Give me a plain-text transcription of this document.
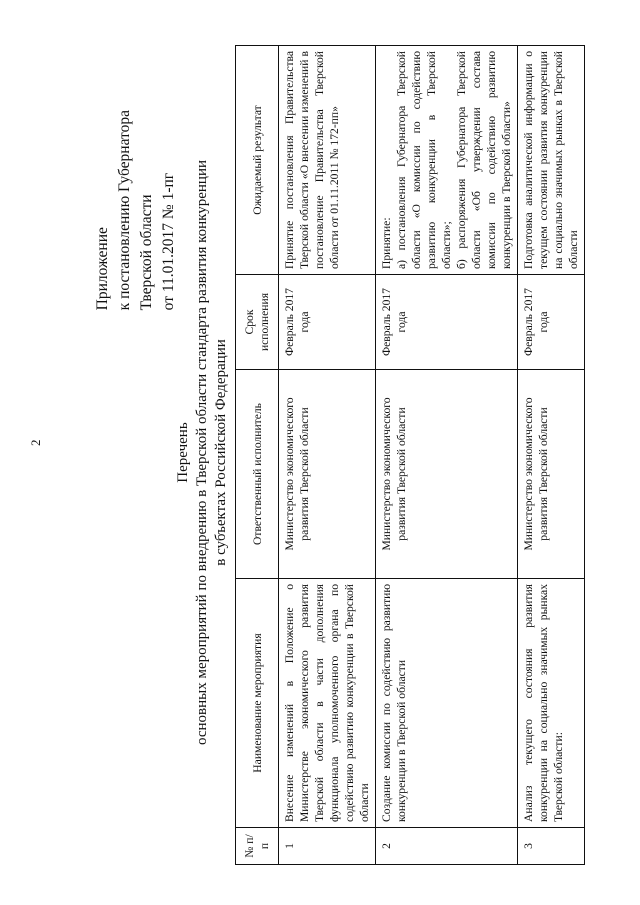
2
Приложение к постановлению Губернатора Тверской области от 11.01.2017 № 1-пг
Перечень основных мероприятий по внедрению в Тверской области стандарта развития конкуренции в субъектах Российской Федерации
№ п/п	Наименование мероприятия	Ответственный исполнитель	Срок исполнения	Ожидаемый результат
1	Внесение изменений в Положение о Министерстве экономического развития Тверской области в части дополнения функционала уполномоченного органа по содействию развитию конкуренции в Тверской области	Министерство экономического развития Тверской области	Февраль 2017 года	Принятие постановления Правительства Тверской области «О внесении изменений в постановление Правительства Тверской области от 01.11.2011 № 172-пп»
2	Создание комиссии по содействию развитию конкуренции в Тверской области	Министерство экономического развития Тверской области	Февраль 2017 года	Принятие: а) постановления Губернатора Тверской области «О комиссии по содействию развитию конкуренции в Тверской области»; б) распоряжения Губернатора Тверской области «Об утверждении состава комиссии по содействию развитию конкуренции в Тверской области»

3	Анализ текущего состояния развития конкуренции на социально значимых рынках Тверской области:	Министерство экономического развития Тверской области	Февраль 2017 года	Подготовка аналитической информации о текущем состоянии развития конкуренции на социально значимых рынках в Тверской области
